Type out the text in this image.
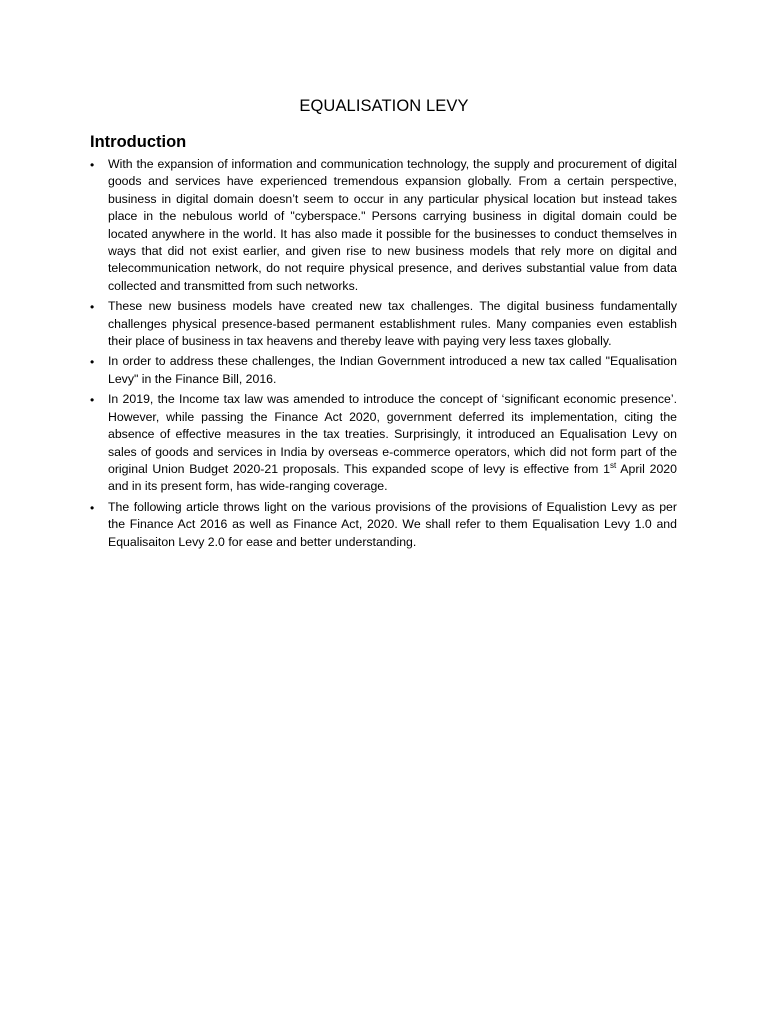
EQUALISATION LEVY
Introduction
•	With the expansion of information and communication technology, the supply and procurement of digital goods and services have experienced tremendous expansion globally. From a certain perspective, business in digital domain doesn’t seem to occur in any particular physical location but instead takes place in the nebulous world of "cyberspace." Persons carrying business in digital domain could be located anywhere in the world. It has also made it possible for the businesses to conduct themselves in ways that did not exist earlier, and given rise to new business models that rely more on digital and telecommunication network, do not require physical presence, and derives substantial value from data collected and transmitted from such networks.
•	These new business models have created new tax challenges. The digital business fundamentally challenges physical presence-based permanent establishment rules. Many companies even establish their place of business in tax heavens and thereby leave with paying very less taxes globally.
•	In order to address these challenges, the Indian Government introduced a new tax called "Equalisation Levy" in the Finance Bill, 2016.
•	In 2019, the Income tax law was amended to introduce the concept of ‘significant economic presence’. However, while passing the Finance Act 2020, government deferred its implementation, citing the absence of effective measures in the tax treaties. Surprisingly, it introduced an Equalisation Levy on sales of goods and services in India by overseas e-commerce operators, which did not form part of the original Union Budget 2020-21 proposals. This expanded scope of levy is effective from 1st April 2020 and in its present form, has wide-ranging coverage.
•	The following article throws light on the various provisions of the provisions of Equalistion Levy as per the Finance Act 2016 as well as Finance Act, 2020. We shall refer to them Equalisation Levy 1.0 and Equalisaiton Levy 2.0 for ease and better understanding.
